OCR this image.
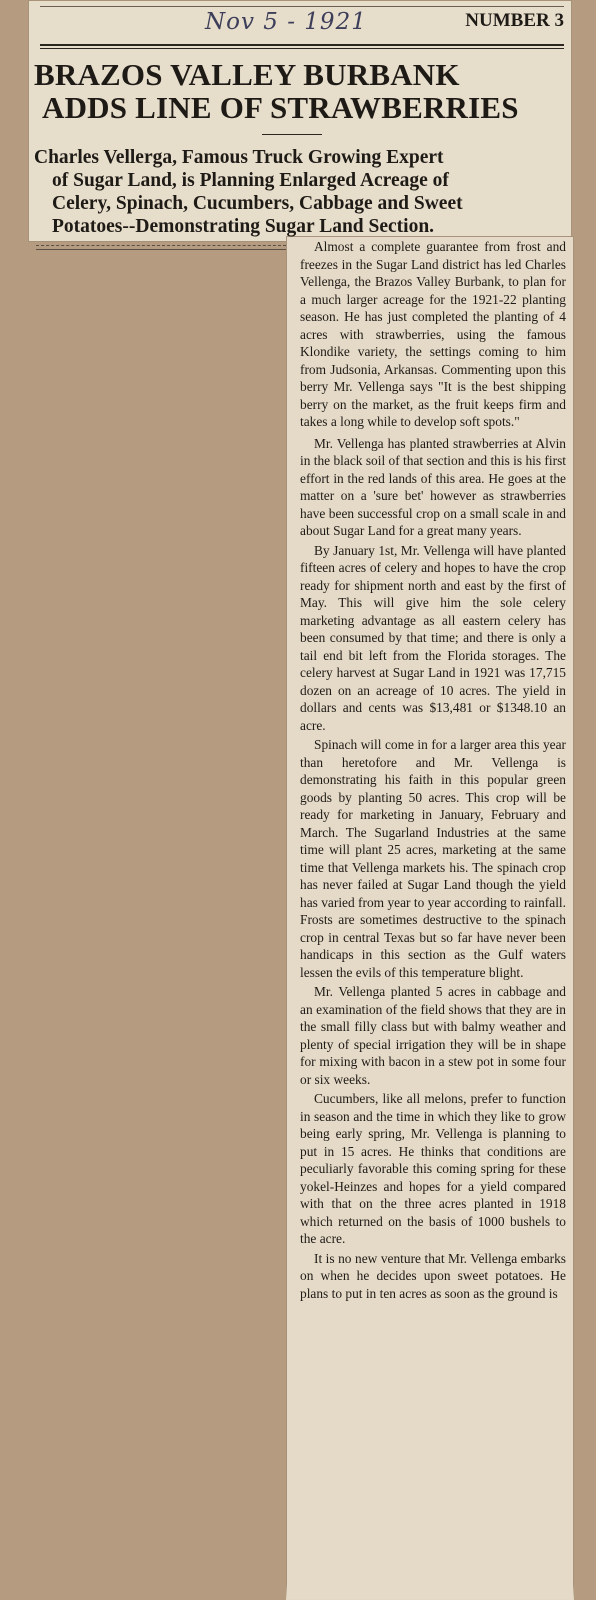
Nov 5 - 1921	NUMBER 3
BRAZOS VALLEY BURBANK
ADDS LINE OF STRAWBERRIES
Charles Vellerga, Famous Truck Growing Expert
of Sugar Land, is Planning Enlarged Acreage of
Celery, Spinach, Cucumbers, Cabbage and Sweet
Potatoes--Demonstrating Sugar Land Section.

Almost a complete guarantee from frost and freezes in the Sugar Land district has led Charles Vellenga, the Brazos Valley Burbank, to plan for a much larger acreage for the 1921-22 planting season. He has just completed the planting of 4 acres with strawberries, using the famous Klondike variety, the settings coming to him from Judsonia, Arkansas. Commenting upon this berry Mr. Vellenga says "It is the best shipping berry on the market, as the fruit keeps firm and takes a long while to develop soft spots."

Mr. Vellenga has planted strawberries at Alvin in the black soil of that section and this is his first effort in the red lands of this area. He goes at the matter on a 'sure bet' however as strawberries have been successful crop on a small scale in and about Sugar Land for a great many years.

By January 1st, Mr. Vellenga will have planted fifteen acres of celery and hopes to have the crop ready for shipment north and east by the first of May. This will give him the sole celery marketing advantage as all eastern celery has been consumed by that time; and there is only a tail end bit left from the Florida storages. The celery harvest at Sugar Land in 1921 was 17,715 dozen on an acreage of 10 acres. The yield in dollars and cents was $13,481 or $1348.10 an acre.

Spinach will come in for a larger area this year than heretofore and Mr. Vellenga is demonstrating his faith in this popular green goods by planting 50 acres. This crop will be ready for marketing in January, February and March. The Sugarland Industries at the same time will plant 25 acres, marketing at the same time that Vellenga markets his. The spinach crop has never failed at Sugar Land though the yield has varied from year to year according to rainfall. Frosts are sometimes destructive to the spinach crop in central Texas but so far have never been handicaps in this section as the Gulf waters lessen the evils of this temperature blight.

Mr. Vellenga planted 5 acres in cabbage and an examination of the field shows that they are in the small filly class but with balmy weather and plenty of special irrigation they will be in shape for mixing with bacon in a stew pot in some four or six weeks.

Cucumbers, like all melons, prefer to function in season and the time in which they like to grow being early spring, Mr. Vellenga is planning to put in 15 acres. He thinks that conditions are peculiarly favorable this coming spring for these yokel-Heinzes and hopes for a yield compared with that on the three acres planted in 1918 which returned on the basis of 1000 bushels to the acre.

It is no new venture that Mr. Vellenga embarks on when he decides upon sweet potatoes. He plans to put in ten acres as soon as the ground is
